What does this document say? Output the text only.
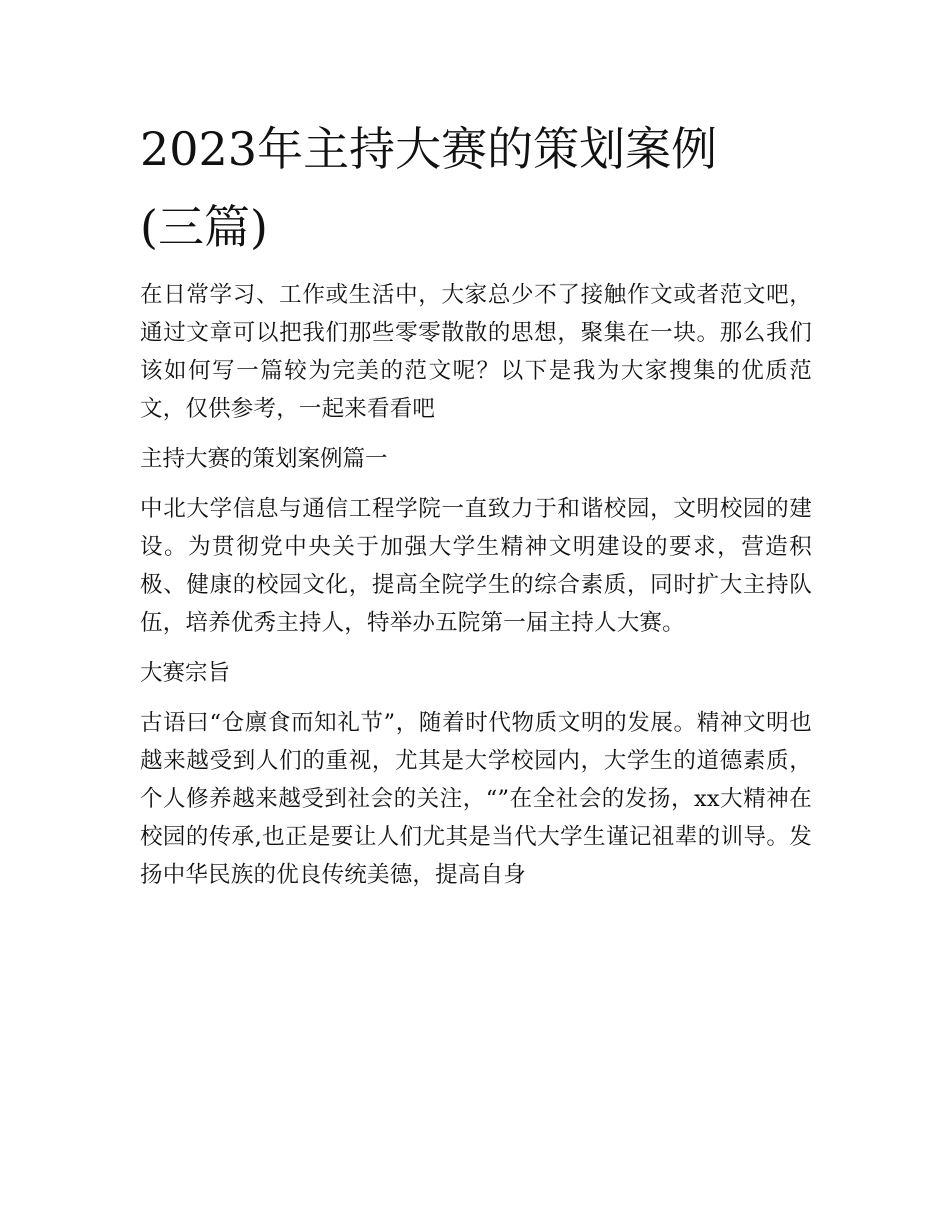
2023年主持大赛的策划案例
(三篇)

在日常学习、工作或生活中，大家总少不了接触作文或者范文吧，通过文章可以把我们那些零零散散的思想，聚集在一块。那么我们该如何写一篇较为完美的范文呢？以下是我为大家搜集的优质范文，仅供参考，一起来看看吧

主持大赛的策划案例篇一

中北大学信息与通信工程学院一直致力于和谐校园，文明校园的建设。为贯彻党中央关于加强大学生精神文明建设的要求，营造积极、健康的校园文化，提高全院学生的综合素质，同时扩大主持队伍，培养优秀主持人，特举办五院第一届主持人大赛。

大赛宗旨

古语曰“仓廪食而知礼节”，随着时代物质文明的发展。精神文明也越来越受到人们的重视，尤其是大学校园内，大学生的道德素质，个人修养越来越受到社会的关注，“”在全社会的发扬，xx大精神在校园的传承,也正是要让人们尤其是当代大学生谨记祖辈的训导。发扬中华民族的优良传统美德，提高自身
